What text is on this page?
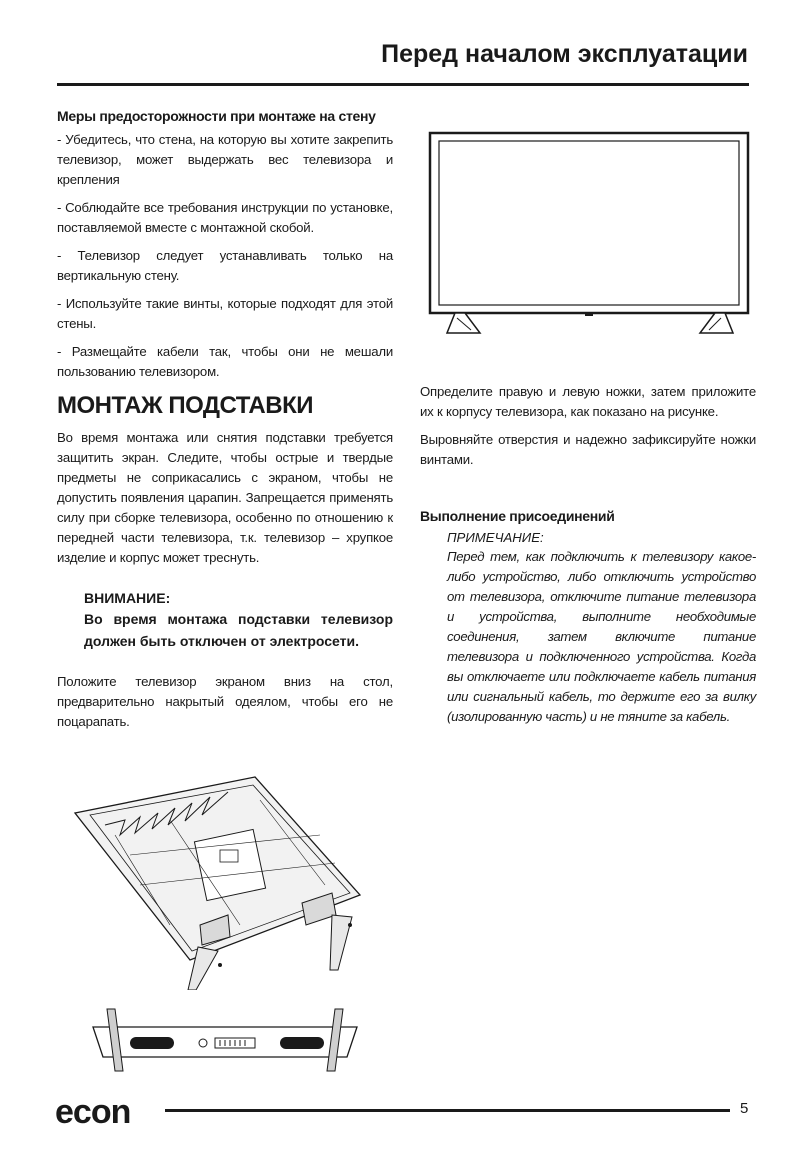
Перед началом эксплуатации
Меры предосторожности при монтаже на стену

- Убедитесь, что стена, на которую вы хотите закрепить телевизор, может выдержать вес телевизора и крепления

- Соблюдайте все требования инструкции по установке, поставляемой вместе с монтажной скобой.

- Телевизор следует устанавливать только на вертикальную стену.

- Используйте такие винты, которые подходят для этой стены.

- Размещайте кабели так, чтобы они не мешали пользованию телевизором.

МОНТАЖ ПОДСТАВКИ

Во время монтажа или снятия подставки требуется защитить экран. Следите, чтобы острые и твердые предметы не соприкасались с экраном, чтобы не допустить появления царапин. Запрещается применять силу при сборке телевизора, особенно по отношению к передней части телевизора, т.к. телевизор – хрупкое изделие и корпус может треснуть.

ВНИМАНИЕ:
Во время монтажа подставки телевизор должен быть отключен от электросети.

Положите телевизор экраном вниз на стол, предварительно накрытый одеялом, чтобы его не поцарапать.

Определите правую и левую ножки, затем приложите их к корпусу телевизора, как показано на рисунке.

Выровняйте отверстия и надежно зафиксируйте ножки винтами.

Выполнение присоединений
ПРИМЕЧАНИЕ:
Перед тем, как подключить к телевизору какое-либо устройство, либо отключить устройство от телевизора, отключите питание телевизора и устройства, выполните необходимые соединения, затем включите питание телевизора и подключенного устройства. Когда вы отключаете или подключаете кабель питания или сигнальный кабель, то держите его за вилку (изолированную часть) и не тяните за кабель.
econ	5
